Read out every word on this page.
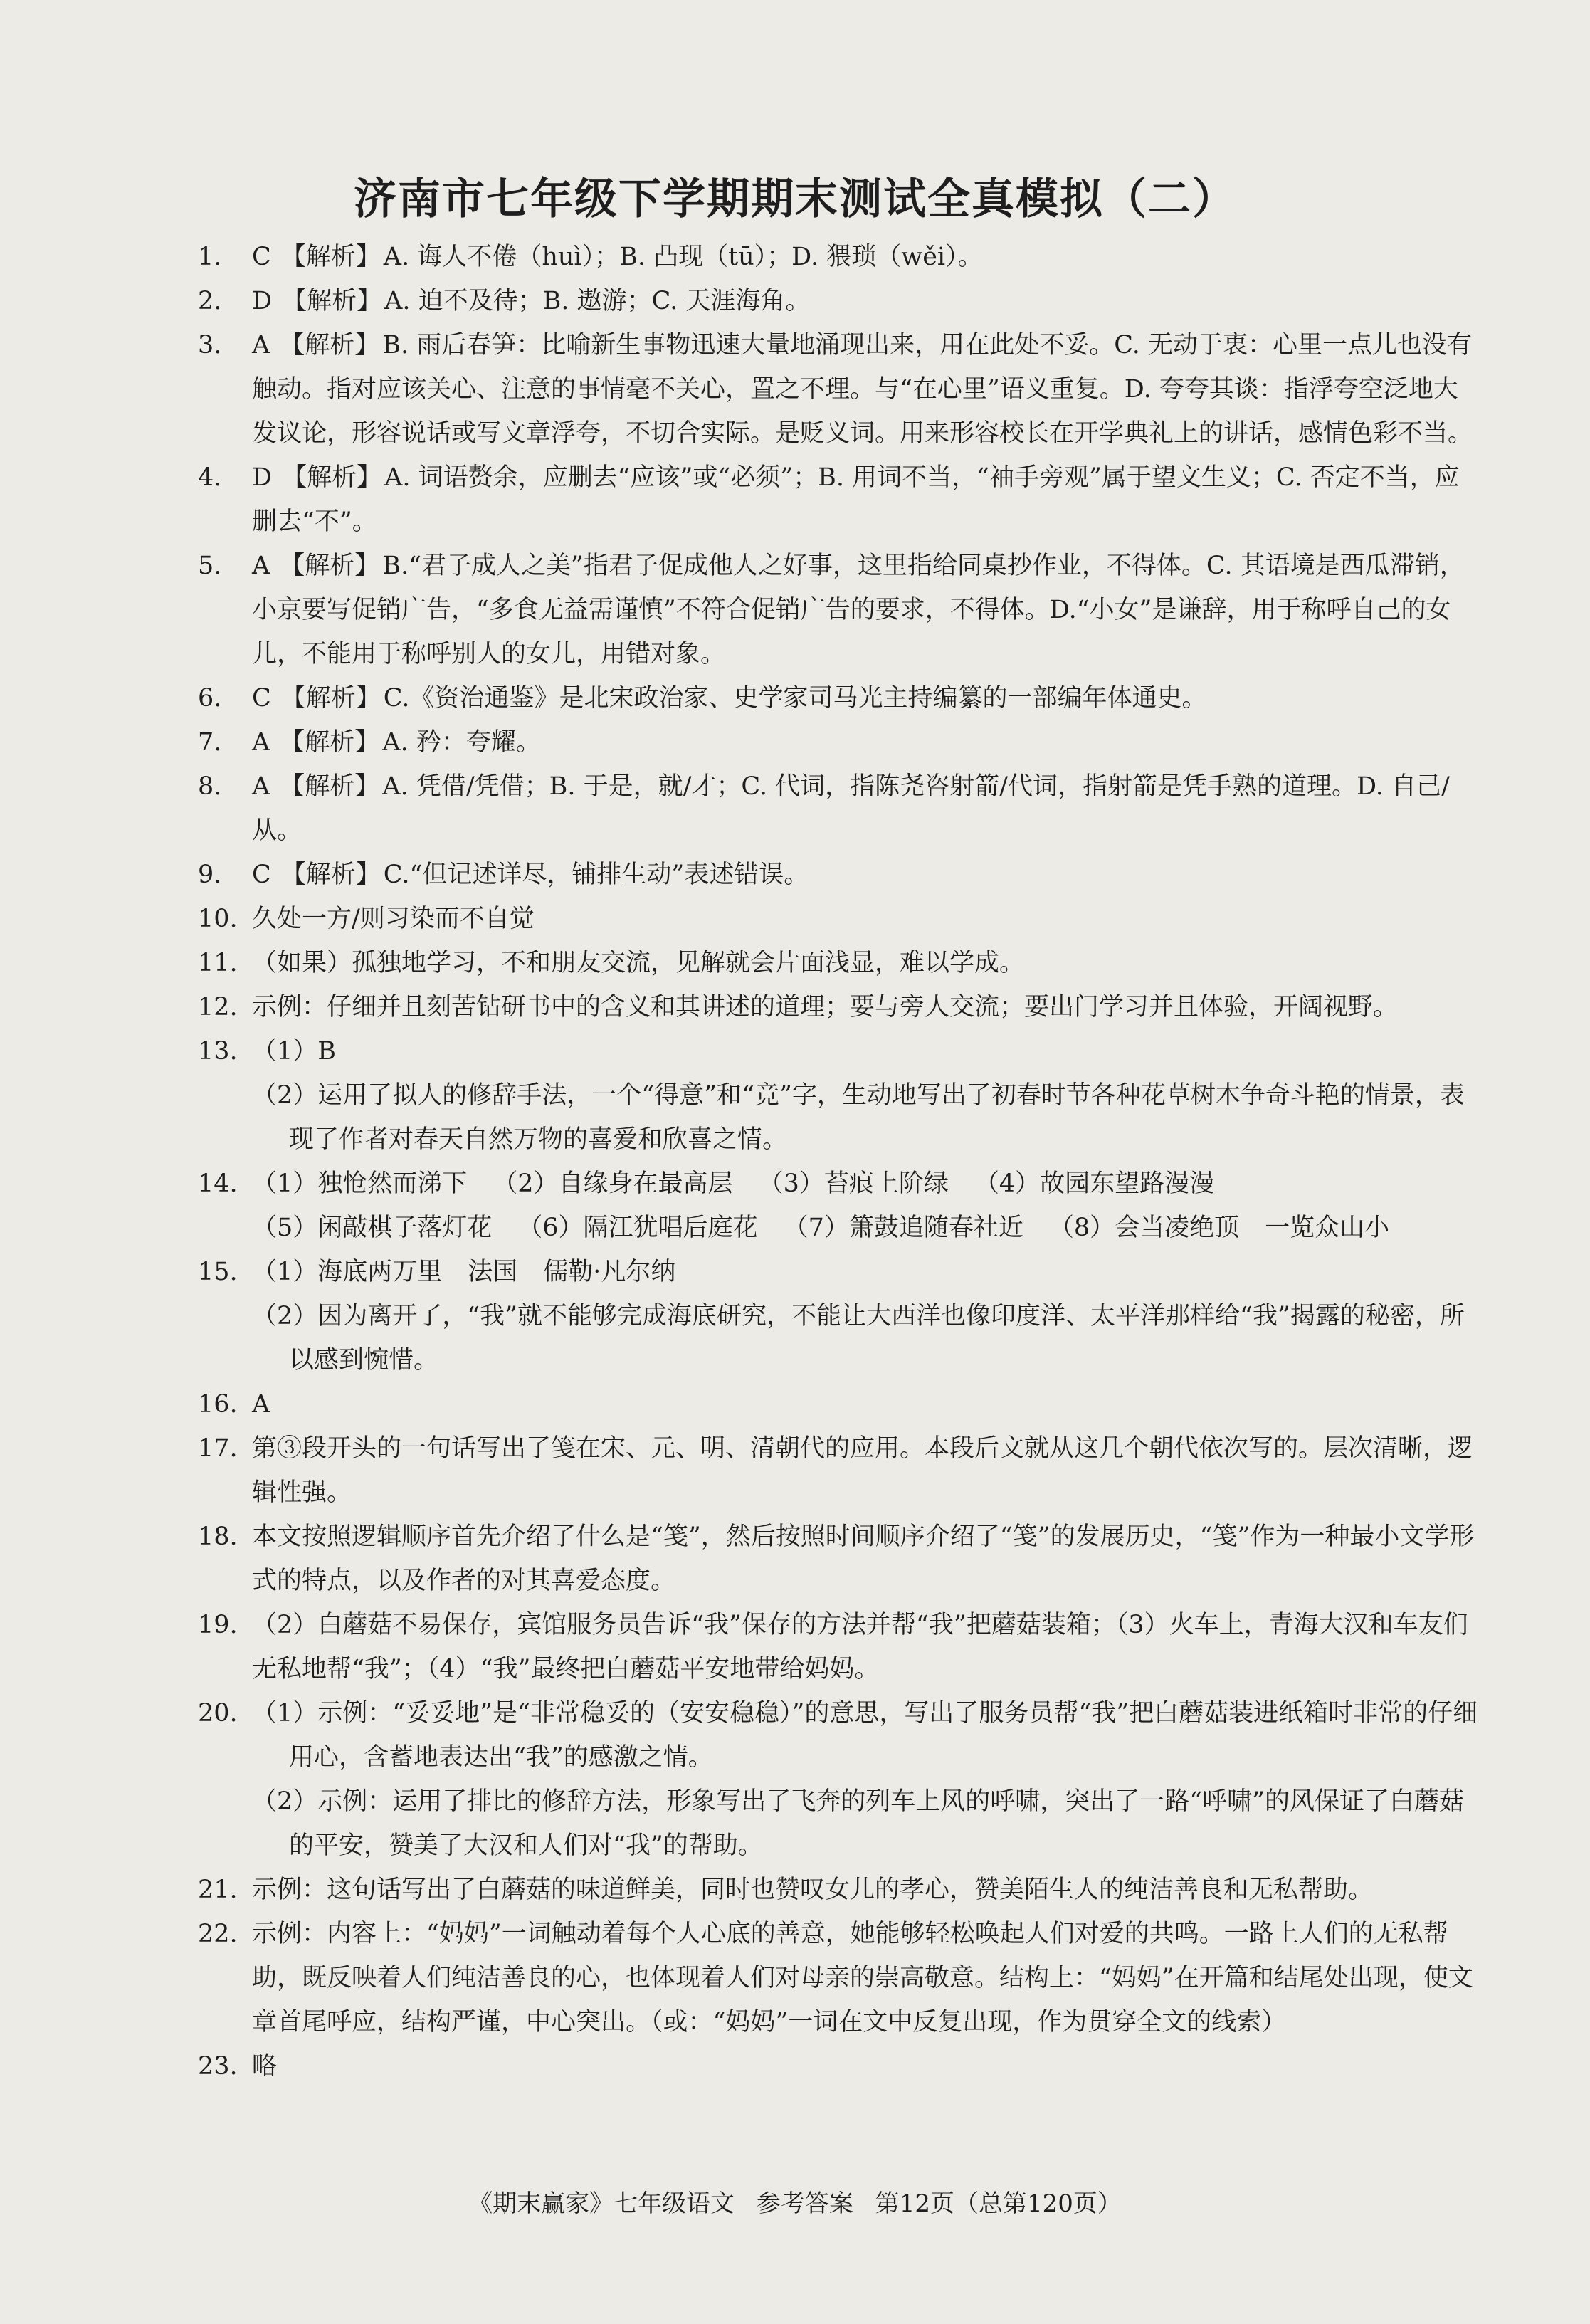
济南市七年级下学期期末测试全真模拟（二）
1.	C 【解析】 A. 诲人不倦（huì）；B. 凸现（tū）；D. 猥琐（wěi）。
2.	D 【解析】 A. 迫不及待；B. 遨游；C. 天涯海角。
3.	A 【解析】 B. 雨后春笋：比喻新生事物迅速大量地涌现出来，用在此处不妥。C. 无动于衷：心里一点儿也没有触动。指对应该关心、注意的事情毫不关心，置之不理。与“在心里”语义重复。D. 夸夸其谈：指浮夸空泛地大发议论，形容说话或写文章浮夸，不切合实际。是贬义词。用来形容校长在开学典礼上的讲话，感情色彩不当。
4.	D 【解析】 A. 词语赘余，应删去“应该”或“必须”；B. 用词不当，“袖手旁观”属于望文生义；C. 否定不当，应删去“不”。
5.	A 【解析】 B.“君子成人之美”指君子促成他人之好事，这里指给同桌抄作业，不得体。C. 其语境是西瓜滞销，小京要写促销广告，“多食无益需谨慎”不符合促销广告的要求，不得体。D.“小女”是谦辞，用于称呼自己的女儿，不能用于称呼别人的女儿，用错对象。
6.	C 【解析】 C.《资治通鉴》是北宋政治家、史学家司马光主持编纂的一部编年体通史。
7.	A 【解析】 A. 矜：夸耀。
8.	A 【解析】 A. 凭借/凭借；B. 于是，就/才；C. 代词，指陈尧咨射箭/代词，指射箭是凭手熟的道理。D. 自己/从。
9.	C 【解析】 C.“但记述详尽，铺排生动”表述错误。
10. 久处一方/则习染而不自觉
11. （如果）孤独地学习，不和朋友交流，见解就会片面浅显，难以学成。
12. 示例：仔细并且刻苦钻研书中的含义和其讲述的道理；要与旁人交流；要出门学习并且体验，开阔视野。
13. （1）B
（2）运用了拟人的修辞手法，一个“得意”和“竞”字，生动地写出了初春时节各种花草树木争奇斗艳的情景，表现了作者对春天自然万物的喜爱和欣喜之情。
14. （1）独怆然而涕下 （2）自缘身在最高层 （3）苔痕上阶绿 （4）故园东望路漫漫
（5）闲敲棋子落灯花 （6）隔江犹唱后庭花 （7）箫鼓追随春社近 （8）会当凌绝顶 一览众山小
15. （1）海底两万里 法国 儒勒·凡尔纳
（2）因为离开了，“我”就不能够完成海底研究，不能让大西洋也像印度洋、太平洋那样给“我”揭露的秘密，所以感到惋惜。
16. A
17. 第③段开头的一句话写出了笺在宋、元、明、清朝代的应用。本段后文就从这几个朝代依次写的。层次清晰，逻辑性强。
18. 本文按照逻辑顺序首先介绍了什么是“笺”，然后按照时间顺序介绍了“笺”的发展历史，“笺”作为一种最小文学形式的特点，以及作者的对其喜爱态度。
19. （2）白蘑菇不易保存，宾馆服务员告诉“我”保存的方法并帮“我”把蘑菇装箱；（3）火车上，青海大汉和车友们无私地帮“我”；（4）“我”最终把白蘑菇平安地带给妈妈。
20. （1）示例：“妥妥地”是“非常稳妥的（安安稳稳）”的意思，写出了服务员帮“我”把白蘑菇装进纸箱时非常的仔细用心，含蓄地表达出“我”的感激之情。
（2）示例：运用了排比的修辞方法，形象写出了飞奔的列车上风的呼啸，突出了一路“呼啸”的风保证了白蘑菇的平安，赞美了大汉和人们对“我”的帮助。
21. 示例：这句话写出了白蘑菇的味道鲜美，同时也赞叹女儿的孝心，赞美陌生人的纯洁善良和无私帮助。
22. 示例：内容上：“妈妈”一词触动着每个人心底的善意，她能够轻松唤起人们对爱的共鸣。一路上人们的无私帮助，既反映着人们纯洁善良的心，也体现着人们对母亲的崇高敬意。结构上：“妈妈”在开篇和结尾处出现，使文章首尾呼应，结构严谨，中心突出。（或：“妈妈”一词在文中反复出现，作为贯穿全文的线索）
23. 略
《期末赢家》七年级语文 参考答案 第12页（总第120页）
